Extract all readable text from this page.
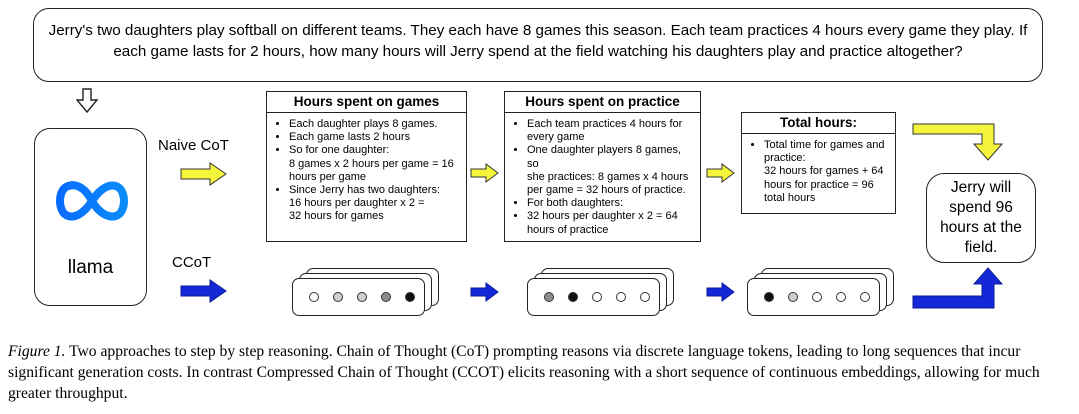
Jerry's two daughters play softball on different teams. They each have 8 games this season. Each team practices 4 hours every game they play. If each game lasts for 2 hours, how many hours will Jerry spend at the field watching his daughters play and practice altogether?
llama
Naive CoT
CCoT
Hours spent on games
• Each daughter plays 8 games.
• Each game lasts 2 hours
• So for one daughter:
8 games x 2 hours per game = 16
hours per game
• Since Jerry has two daughters:
16 hours per daughter x 2 =
32 hours for games
Hours spent on practice
• Each team practices 4 hours for
every game
• One daughter players 8 games, so
she practices: 8 games x 4 hours
per game = 32 hours of practice.
• For both daughters:
• 32 hours per daughter x 2 = 64
hours of practice
Total hours:
• Total time for games and
practice:
32 hours for games + 64
hours for practice = 96
total hours
Jerry will
spend 96
hours at the
field.
Figure 1. Two approaches to step by step reasoning. Chain of Thought (CoT) prompting reasons via discrete language tokens, leading to long sequences that incur significant generation costs. In contrast Compressed Chain of Thought (CCOT) elicits reasoning with a short sequence of continuous embeddings, allowing for much greater throughput.
